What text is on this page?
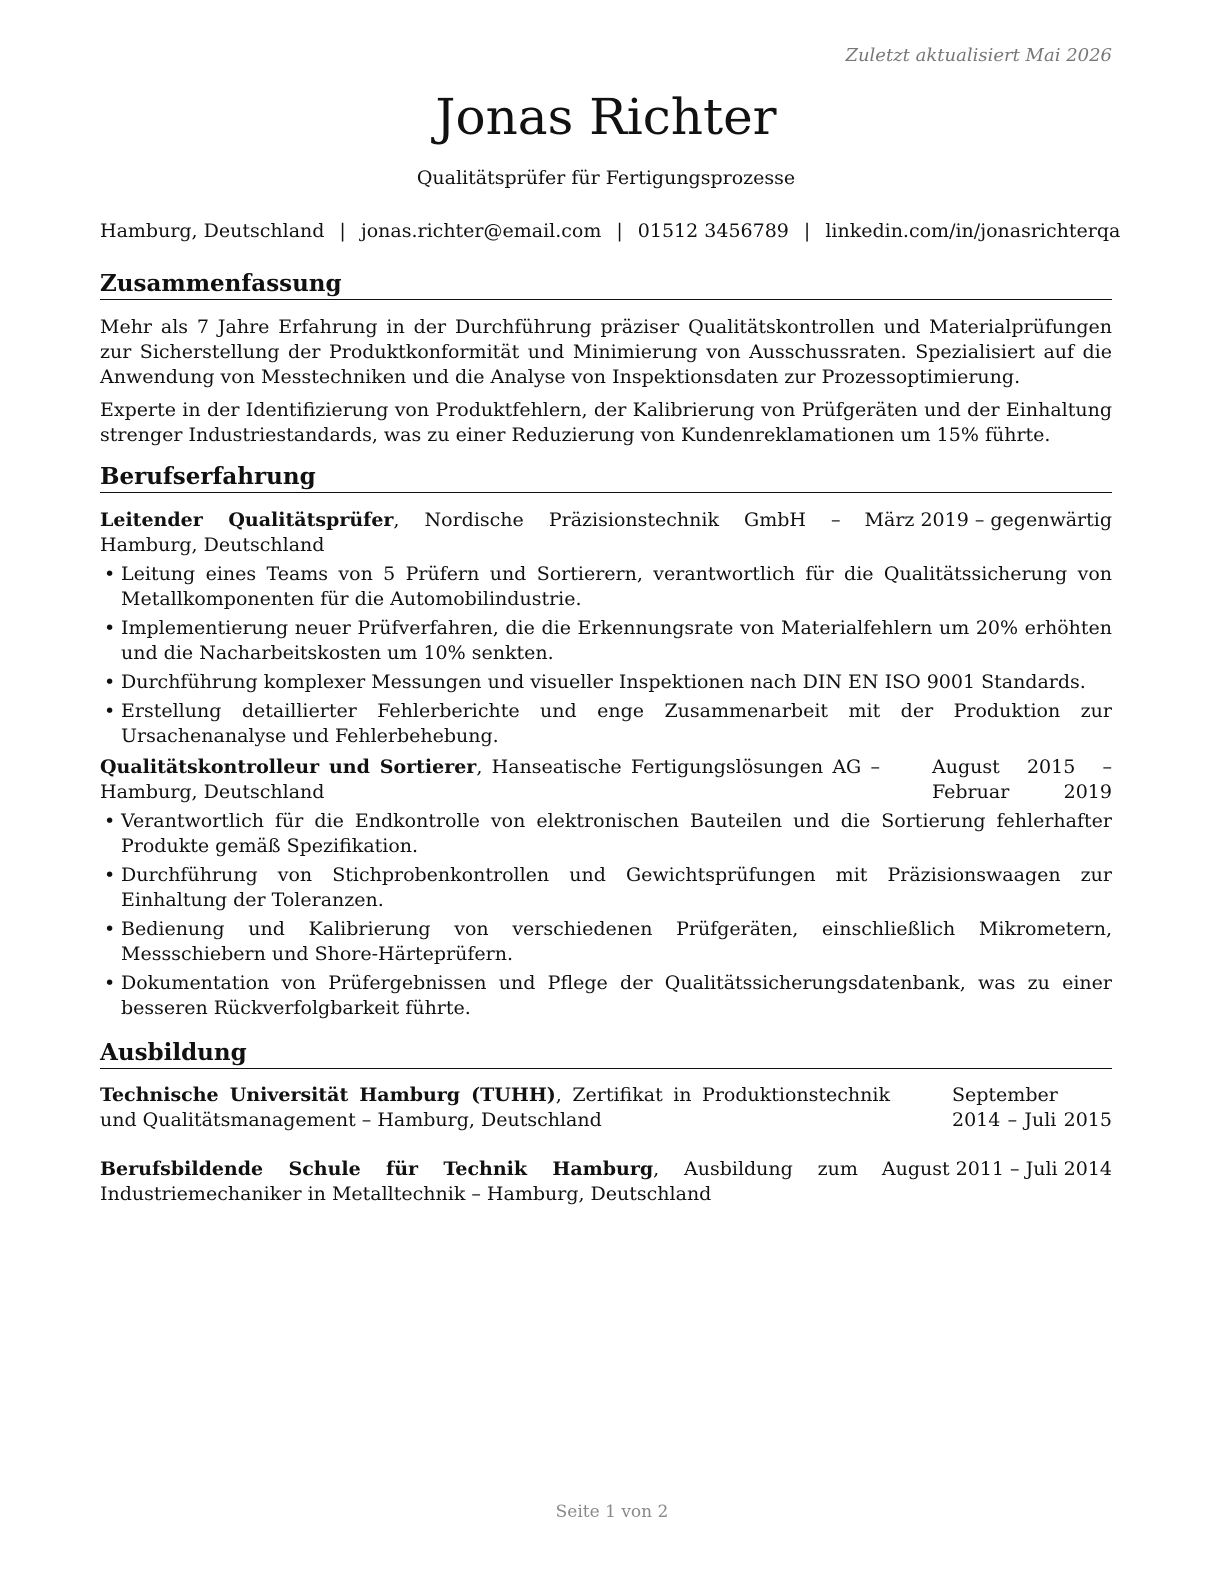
Zuletzt aktualisiert Mai 2026
Jonas Richter
Qualitätsprüfer für Fertigungsprozesse
Hamburg, Deutschland | jonas.richter@email.com | 01512 3456789 | linkedin.com/in/jonasrichterqa
Zusammenfassung
Mehr als 7 Jahre Erfahrung in der Durchführung präziser Qualitätskontrollen und Materialprüfungen zur Sicherstellung der Produktkonformität und Minimierung von Ausschussraten. Spezialisiert auf die Anwendung von Messtechniken und die Analyse von Inspektionsdaten zur Prozessoptimierung.
Experte in der Identifizierung von Produktfehlern, der Kalibrierung von Prüfgeräten und der Einhaltung strenger Industriestandards, was zu einer Reduzierung von Kundenreklamationen um 15% führte.
Berufserfahrung
Leitender Qualitätsprüfer, Nordische Präzisionstechnik GmbH – Hamburg, Deutschland
März 2019 – gegenwärtig
• Leitung eines Teams von 5 Prüfern und Sortierern, verantwortlich für die Qualitätssicherung von Metallkomponenten für die Automobilindustrie.
• Implementierung neuer Prüfverfahren, die die Erkennungsrate von Materialfehlern um 20% erhöhten und die Nacharbeitskosten um 10% senkten.
• Durchführung komplexer Messungen und visueller Inspektionen nach DIN EN ISO 9001 Standards.
• Erstellung detaillierter Fehlerberichte und enge Zusammenarbeit mit der Produktion zur Ursachenanalyse und Fehlerbehebung.
Qualitätskontrolleur und Sortierer, Hanseatische Fertigungslösungen AG – Hamburg, Deutschland
August 2015 – Februar 2019
• Verantwortlich für die Endkontrolle von elektronischen Bauteilen und die Sortierung fehlerhafter Produkte gemäß Spezifikation.
• Durchführung von Stichprobenkontrollen und Gewichtsprüfungen mit Präzisionswaagen zur Einhaltung der Toleranzen.
• Bedienung und Kalibrierung von verschiedenen Prüfgeräten, einschließlich Mikrometern, Messschiebern und Shore-Härteprüfern.
• Dokumentation von Prüfergebnissen und Pflege der Qualitätssicherungsdatenbank, was zu einer besseren Rückverfolgbarkeit führte.
Ausbildung
Technische Universität Hamburg (TUHH), Zertifikat in Produktionstechnik und Qualitätsmanagement – Hamburg, Deutschland
September 2014 – Juli 2015
Berufsbildende Schule für Technik Hamburg, Ausbildung zum Industriemechaniker in Metalltechnik – Hamburg, Deutschland
August 2011 – Juli 2014
Seite 1 von 2
